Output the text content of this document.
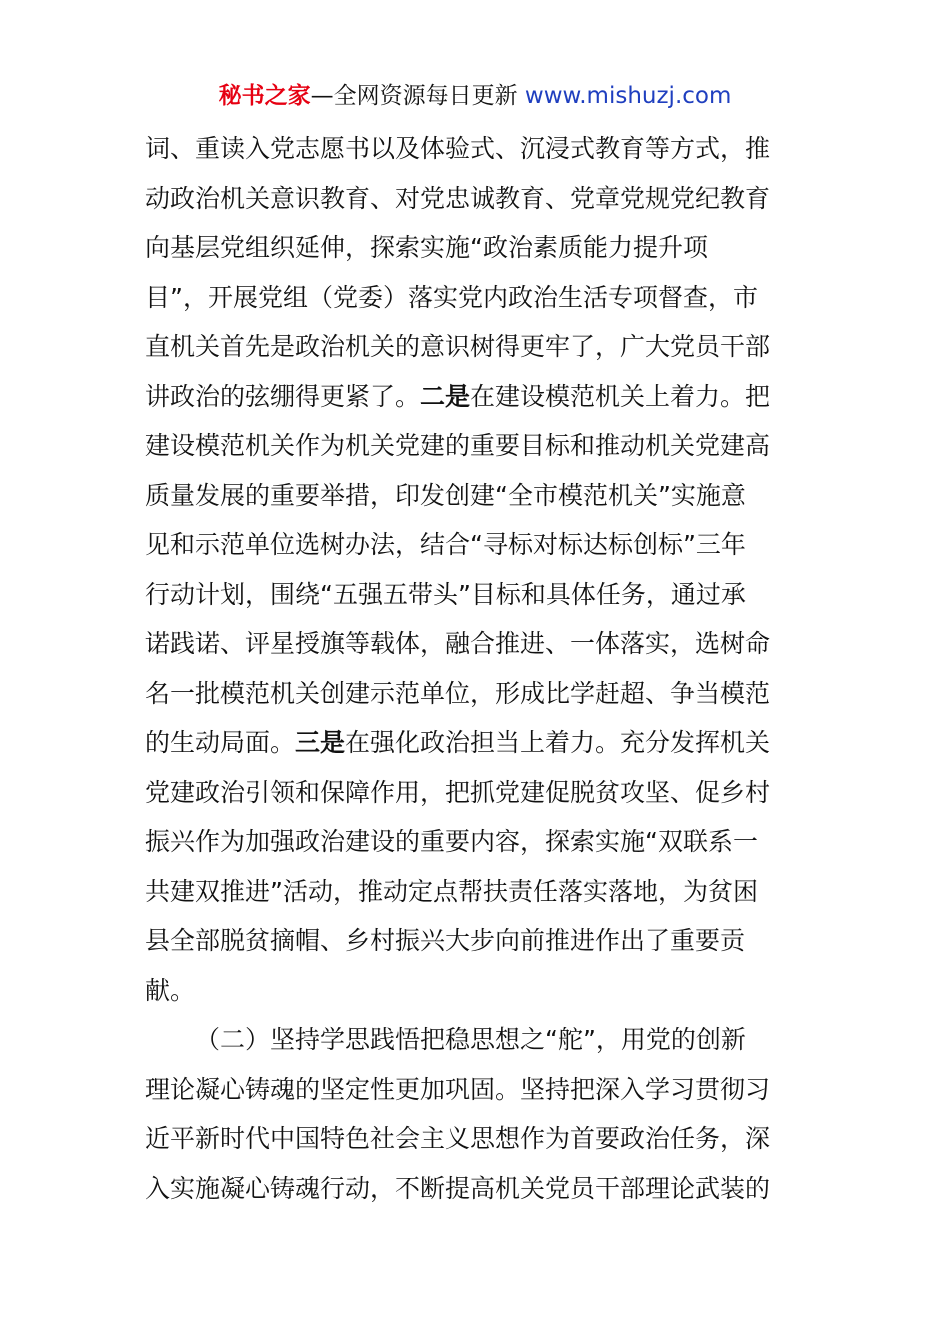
秘书之家—全网资源每日更新 www.mishuzj.com
词、重读入党志愿书以及体验式、沉浸式教育等方式，推
动政治机关意识教育、对党忠诚教育、党章党规党纪教育
向基层党组织延伸，探索实施“政治素质能力提升项
目”，开展党组（党委）落实党内政治生活专项督查，市
直机关首先是政治机关的意识树得更牢了，广大党员干部
讲政治的弦绷得更紧了。二是在建设模范机关上着力。把
建设模范机关作为机关党建的重要目标和推动机关党建高
质量发展的重要举措，印发创建“全市模范机关”实施意
见和示范单位选树办法，结合“寻标对标达标创标”三年
行动计划，围绕“五强五带头”目标和具体任务，通过承
诺践诺、评星授旗等载体，融合推进、一体落实，选树命
名一批模范机关创建示范单位，形成比学赶超、争当模范
的生动局面。三是在强化政治担当上着力。充分发挥机关
党建政治引领和保障作用，把抓党建促脱贫攻坚、促乡村
振兴作为加强政治建设的重要内容，探索实施“双联系一
共建双推进”活动，推动定点帮扶责任落实落地，为贫困
县全部脱贫摘帽、乡村振兴大步向前推进作出了重要贡
献。
（二）坚持学思践悟把稳思想之“舵”，用党的创新
理论凝心铸魂的坚定性更加巩固。坚持把深入学习贯彻习
近平新时代中国特色社会主义思想作为首要政治任务，深
入实施凝心铸魂行动，不断提高机关党员干部理论武装的
